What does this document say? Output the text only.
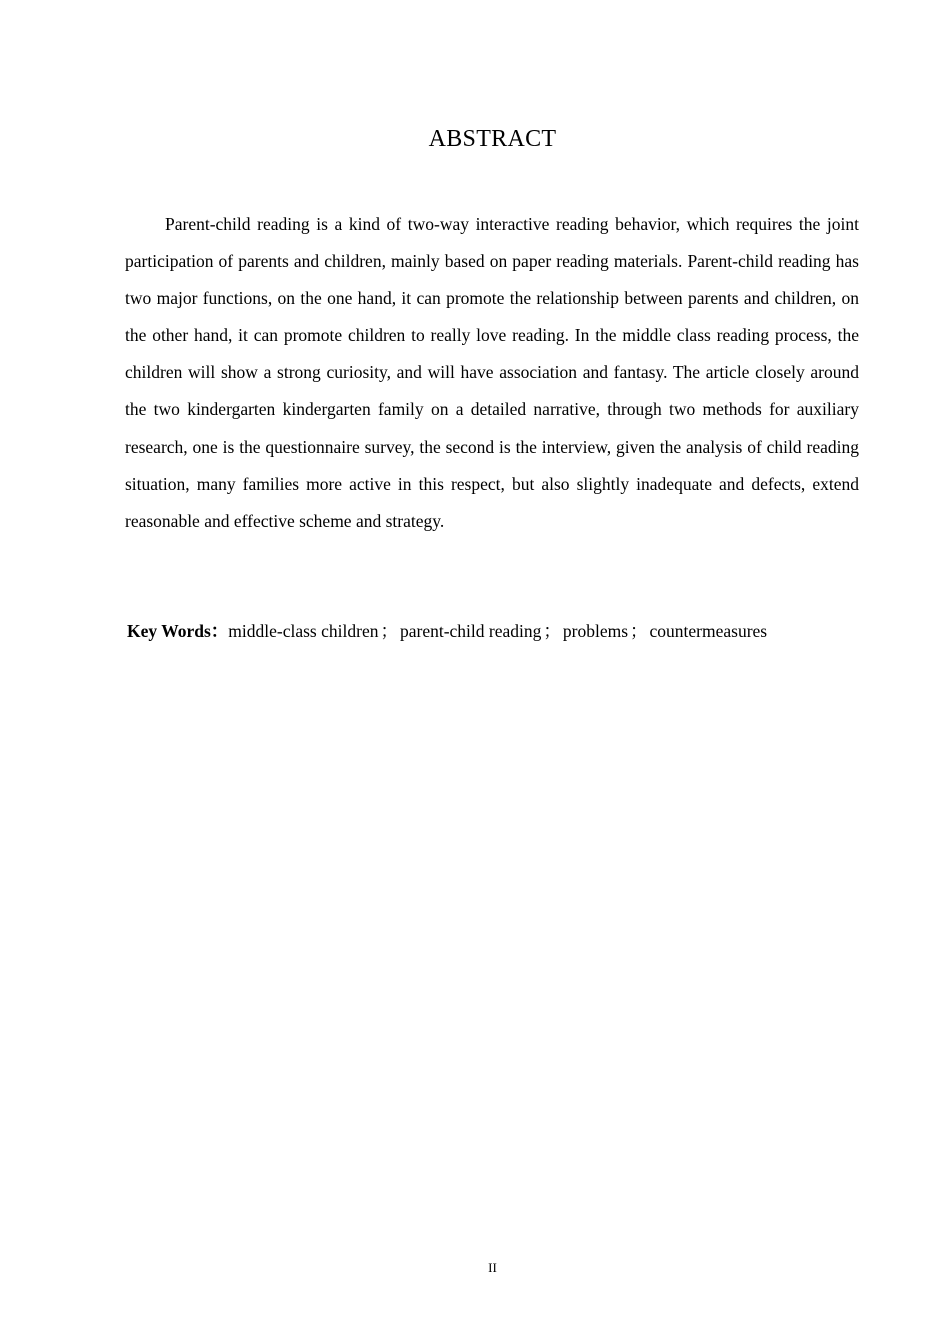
ABSTRACT

Parent-child reading is a kind of two-way interactive reading behavior, which requires the joint participation of parents and children, mainly based on paper reading materials. Parent-child reading has two major functions, on the one hand, it can promote the relationship between parents and children, on the other hand, it can promote children to really love reading. In the middle class reading process, the children will show a strong curiosity, and will have association and fantasy. The article closely around the two kindergarten kindergarten family on a detailed narrative, through two methods for auxiliary research, one is the questionnaire survey, the second is the interview, given the analysis of child reading situation, many families more active in this respect, but also slightly inadequate and defects, extend reasonable and effective scheme and strategy.

Key Words：middle-class children ； parent-child reading ； problems ； countermeasures
II
